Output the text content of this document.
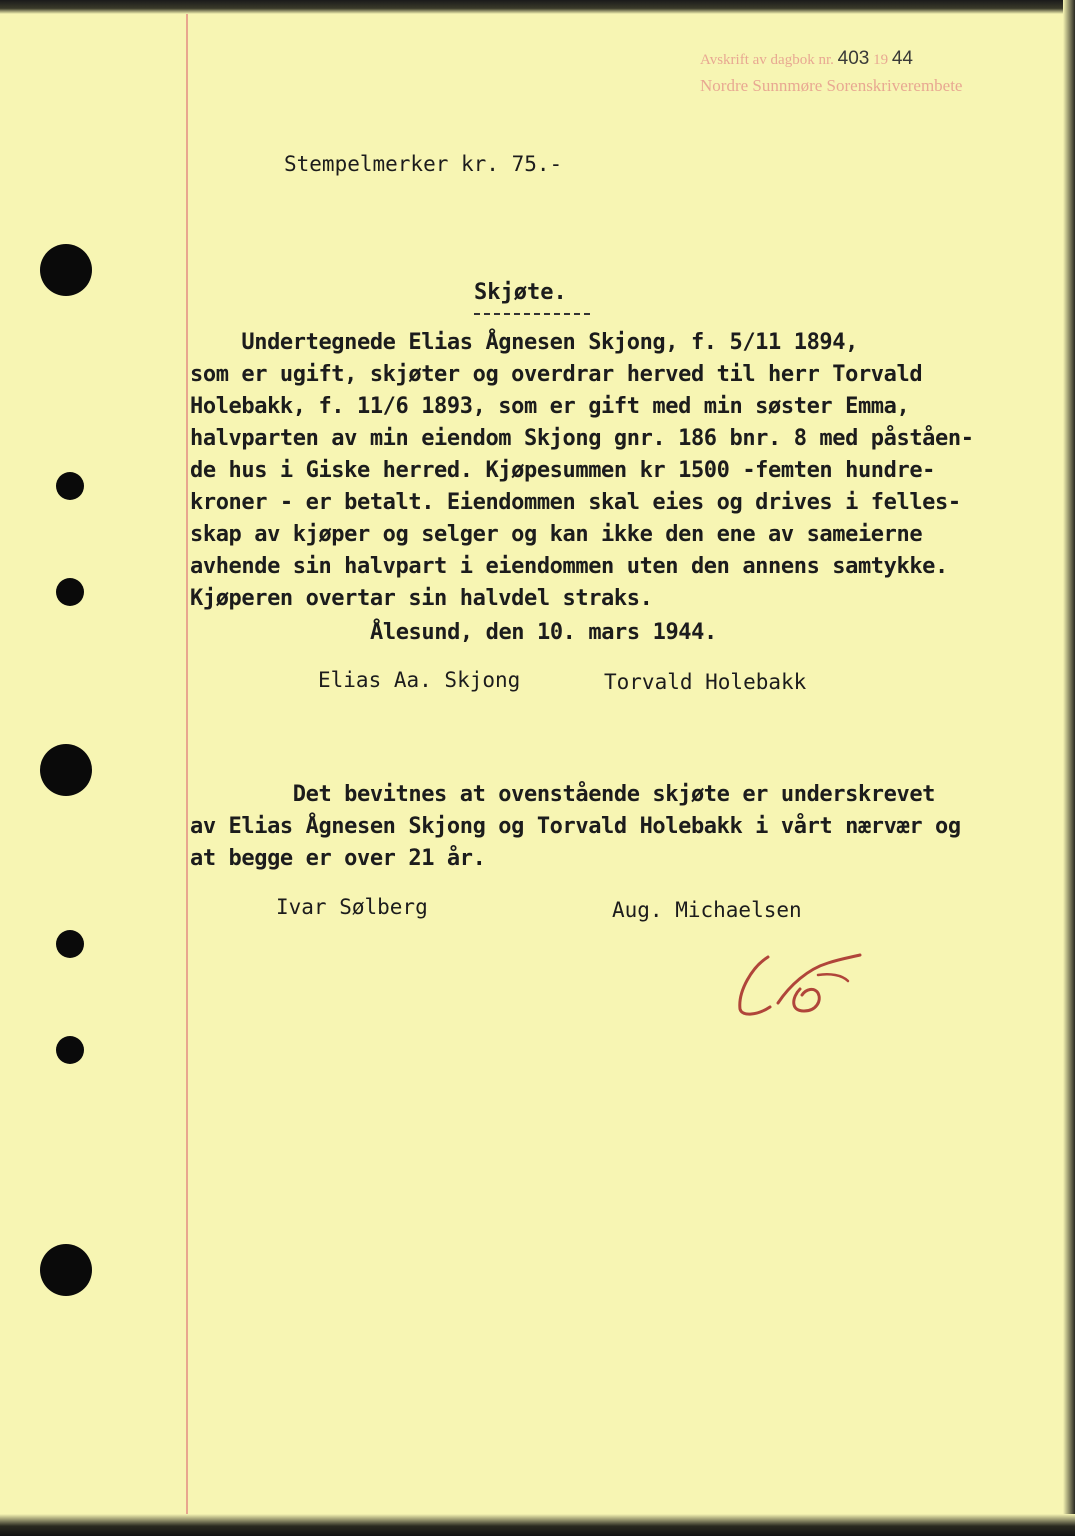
Avskrift av dagbok nr. 403 19 44
Nordre Sunnmøre Sorenskriverembete
Stempelmerker kr. 75.-
Skjøte.
Undertegnede Elias Ågnesen Skjong, f. 5/11 1894,
som er ugift, skjøter og overdrar herved til herr Torvald
Holebakk, f. 11/6 1893, som er gift med min søster Emma,
halvparten av min eiendom Skjong gnr. 186 bnr. 8 med påståen-
de hus i Giske herred. Kjøpesummen kr 1500 -femten hundre-
kroner - er betalt. Eiendommen skal eies og drives i felles-
skap av kjøper og selger og kan ikke den ene av sameierne
avhende sin halvpart i eiendommen uten den annens samtykke.
Kjøperen overtar sin halvdel straks.
Ålesund, den 10. mars 1944.
Elias Aa. Skjong	Torvald Holebakk
Det bevitnes at ovenstående skjøte er underskrevet
av Elias Ågnesen Skjong og Torvald Holebakk i vårt nærvær og
at begge er over 21 år.
Ivar Sølberg	Aug. Michaelsen
